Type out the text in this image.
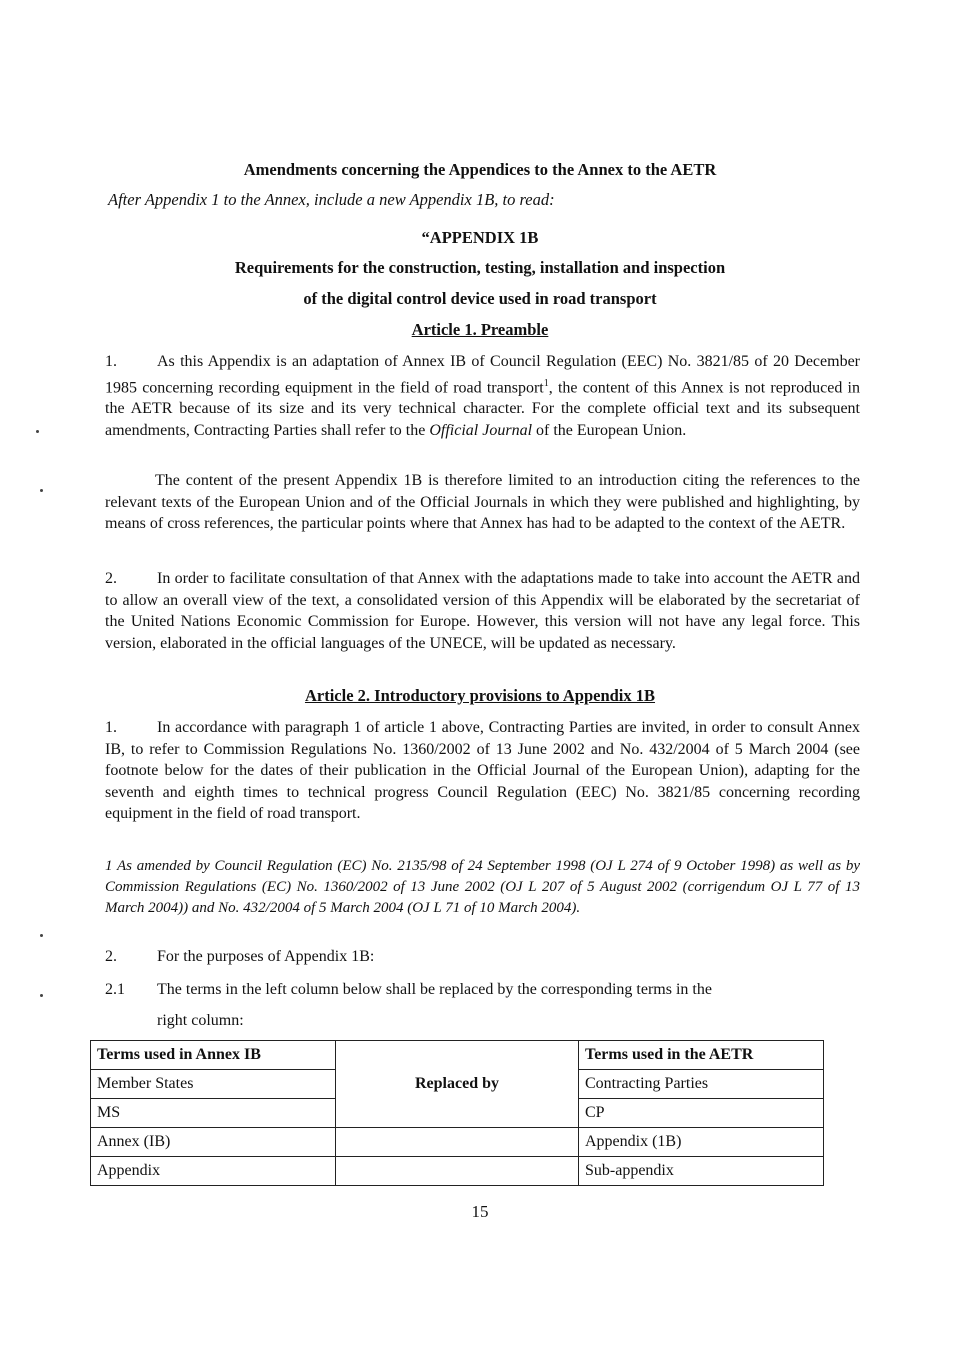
Amendments concerning the Appendices to the Annex to the AETR

After Appendix 1 to the Annex, include a new Appendix 1B, to read:

“APPENDIX 1B

Requirements for the construction, testing, installation and inspection

of the digital control device used in road transport

Article 1. Preamble

1.	As this Appendix is an adaptation of Annex IB of Council Regulation (EEC) No. 3821/85 of 20 December 1985 concerning recording equipment in the field of road transport$^1$, the content of this Annex is not reproduced in the AETR because of its size and its very technical character. For the complete official text and its subsequent amendments, Contracting Parties shall refer to the Official Journal of the European Union.

The content of the present Appendix 1B is therefore limited to an introduction citing the references to the relevant texts of the European Union and of the Official Journals in which they were published and highlighting, by means of cross references, the particular points where that Annex has had to be adapted to the context of the AETR.

2.	In order to facilitate consultation of that Annex with the adaptations made to take into account the AETR and to allow an overall view of the text, a consolidated version of this Appendix will be elaborated by the secretariat of the United Nations Economic Commission for Europe. However, this version will not have any legal force. This version, elaborated in the official languages of the UNECE, will be updated as necessary.

Article 2. Introductory provisions to Appendix 1B

1.	In accordance with paragraph 1 of article 1 above, Contracting Parties are invited, in order to consult Annex IB, to refer to Commission Regulations No. 1360/2002 of 13 June 2002 and No. 432/2004 of 5 March 2004 (see footnote below for the dates of their publication in the Official Journal of the European Union), adapting for the seventh and eighth times to technical progress Council Regulation (EEC) No. 3821/85 concerning recording equipment in the field of road transport.

1 As amended by Council Regulation (EC) No. 2135/98 of 24 September 1998 (OJ L 274 of 9 October 1998) as well as by Commission Regulations (EC) No. 1360/2002 of 13 June 2002 (OJ L 207 of 5 August 2002 (corrigendum OJ L 77 of 13 March 2004)) and No. 432/2004 of 5 March 2004 (OJ L 71 of 10 March 2004).

2.	For the purposes of Appendix 1B:

2.1 The terms in the left column below shall be replaced by the corresponding terms in the

right column:

Terms used in Annex IB	Replaced by	Terms used in the AETR
Member States		Contracting Parties
MS		CP
Annex (IB)		Appendix (1B)
Appendix		Sub-appendix

15
